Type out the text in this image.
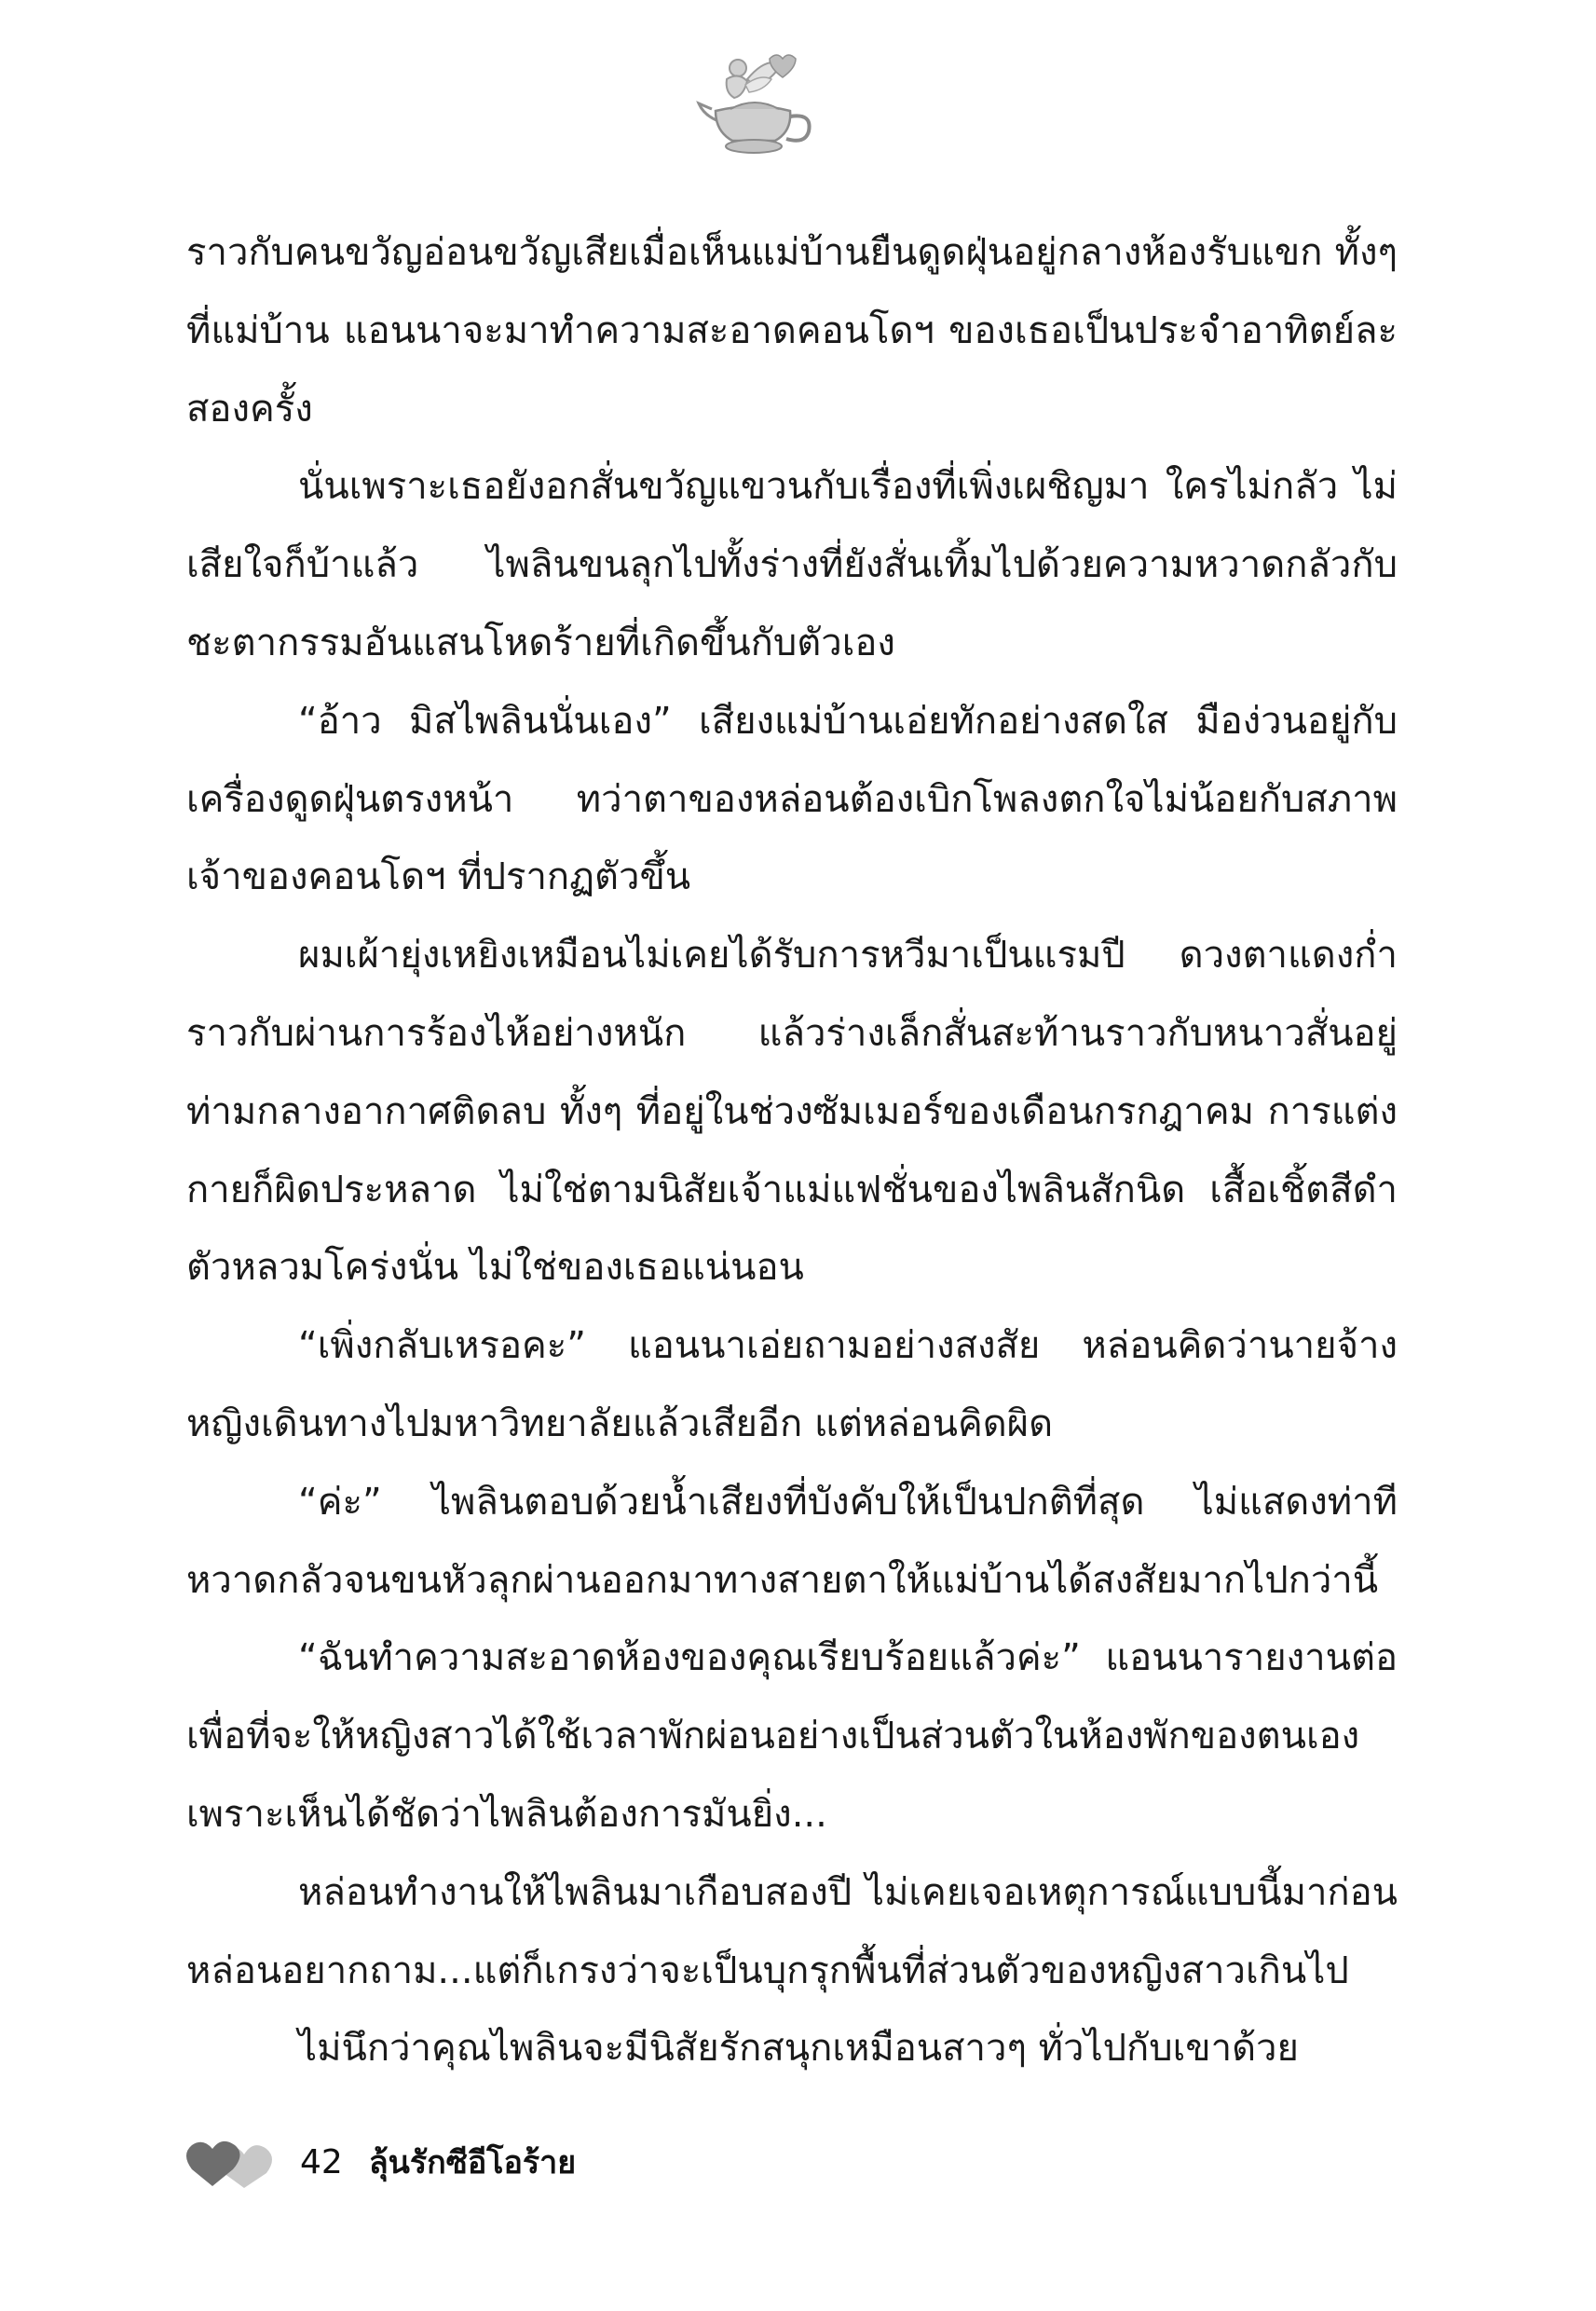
ราวกับคนขวัญอ่อนขวัญเสียเมื่อเห็นแม่บ้านยืนดูดฝุ่นอยู่กลางห้องรับแขก ทั้งๆ ที่แม่บ้าน แอนนาจะมาทำความสะอาดคอนโดฯ ของเธอเป็นประจำอาทิตย์ละสองครั้ง

นั่นเพราะเธอยังอกสั่นขวัญแขวนกับเรื่องที่เพิ่งเผชิญมา ใครไม่กลัว ไม่เสียใจก็บ้าแล้ว ไพลินขนลุกไปทั้งร่างที่ยังสั่นเทิ้มไปด้วยความหวาดกลัวกับชะตากรรมอันแสนโหดร้ายที่เกิดขึ้นกับตัวเอง

“อ้าว มิสไพลินนั่นเอง” เสียงแม่บ้านเอ่ยทักอย่างสดใส มือง่วนอยู่กับเครื่องดูดฝุ่นตรงหน้า ทว่าตาของหล่อนต้องเบิกโพลงตกใจไม่น้อยกับสภาพเจ้าของคอนโดฯ ที่ปรากฏตัวขึ้น

ผมเผ้ายุ่งเหยิงเหมือนไม่เคยได้รับการหวีมาเป็นแรมปี ดวงตาแดงก่ำราวกับผ่านการร้องไห้อย่างหนัก แล้วร่างเล็กสั่นสะท้านราวกับหนาวสั่นอยู่ท่ามกลางอากาศติดลบ ทั้งๆ ที่อยู่ในช่วงซัมเมอร์ของเดือนกรกฎาคม การแต่งกายก็ผิดประหลาด ไม่ใช่ตามนิสัยเจ้าแม่แฟชั่นของไพลินสักนิด เสื้อเชิ้ตสีดำตัวหลวมโคร่งนั่น ไม่ใช่ของเธอแน่นอน

“เพิ่งกลับเหรอคะ” แอนนาเอ่ยถามอย่างสงสัย หล่อนคิดว่านายจ้างหญิงเดินทางไปมหาวิทยาลัยแล้วเสียอีก แต่หล่อนคิดผิด

“ค่ะ” ไพลินตอบด้วยน้ำเสียงที่บังคับให้เป็นปกติที่สุด ไม่แสดงท่าทีหวาดกลัวจนขนหัวลุกผ่านออกมาทางสายตาให้แม่บ้านได้สงสัยมากไปกว่านี้

“ฉันทำความสะอาดห้องของคุณเรียบร้อยแล้วค่ะ” แอนนารายงานต่อ เพื่อที่จะให้หญิงสาวได้ใช้เวลาพักผ่อนอย่างเป็นส่วนตัวในห้องพักของตนเอง เพราะเห็นได้ชัดว่าไพลินต้องการมันยิ่ง...

หล่อนทำงานให้ไพลินมาเกือบสองปี ไม่เคยเจอเหตุการณ์แบบนี้มาก่อน หล่อนอยากถาม...แต่ก็เกรงว่าจะเป็นบุกรุกพื้นที่ส่วนตัวของหญิงสาวเกินไป

ไม่นึกว่าคุณไพลินจะมีนิสัยรักสนุกเหมือนสาวๆ ทั่วไปกับเขาด้วย

42 ลุ้นรักซีอีโอร้าย
